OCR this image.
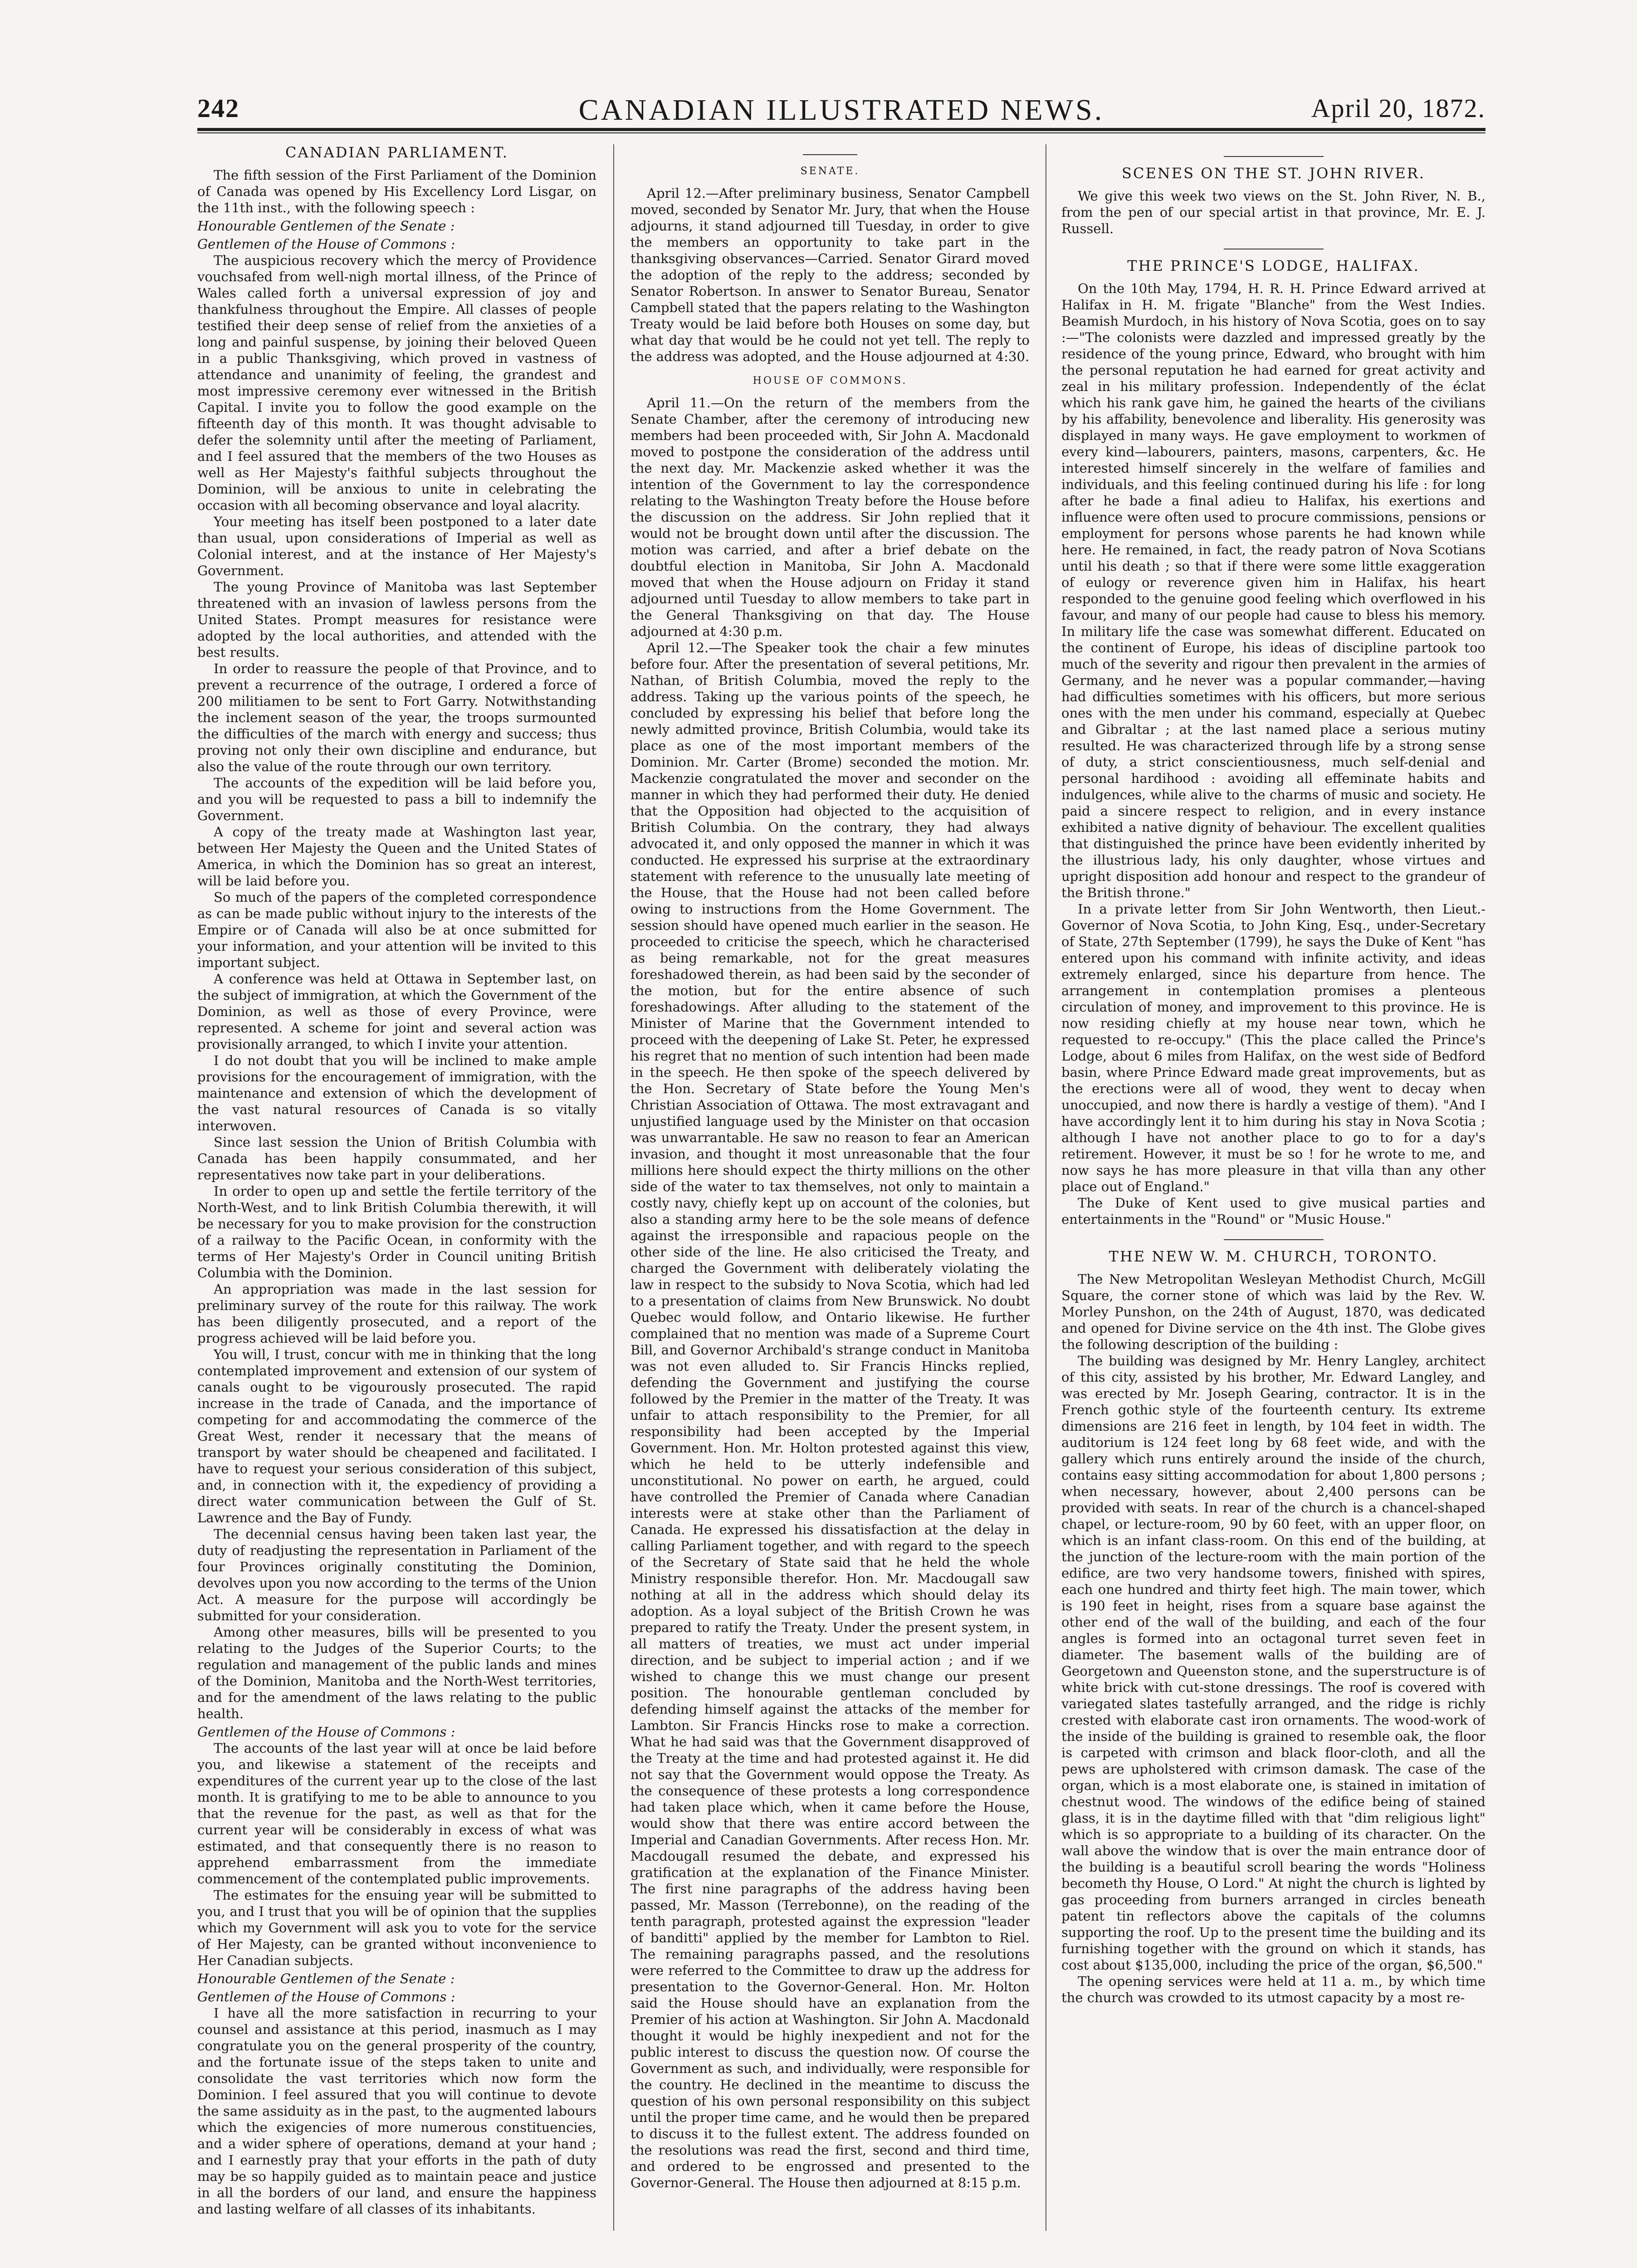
242	CANADIAN ILLUSTRATED NEWS.	April 20, 1872.
CANADIAN PARLIAMENT.

The fifth session of the First Parliament of the Dominion of Canada was opened by His Excellency Lord Lisgar, on the 11th inst., with the following speech :

Honourable Gentlemen of the Senate :

Gentlemen of the House of Commons :

The auspicious recovery which the mercy of Providence vouchsafed from well-nigh mortal illness, of the Prince of Wales called forth a universal expression of joy and thankfulness throughout the Empire. All classes of people testified their deep sense of relief from the anxieties of a long and painful suspense, by joining their beloved Queen in a public Thanksgiving, which proved in vastness of attendance and unanimity of feeling, the grandest and most impressive ceremony ever witnessed in the British Capital. I invite you to follow the good example on the fifteenth day of this month. It was thought advisable to defer the solemnity until after the meeting of Parliament, and I feel assured that the members of the two Houses as well as Her Majesty's faithful subjects throughout the Dominion, will be anxious to unite in celebrating the occasion with all becoming observance and loyal alacrity.

Your meeting has itself been postponed to a later date than usual, upon considerations of Imperial as well as Colonial interest, and at the instance of Her Majesty's Government.

The young Province of Manitoba was last September threatened with an invasion of lawless persons from the United States. Prompt measures for resistance were adopted by the local authorities, and attended with the best results.

In order to reassure the people of that Province, and to prevent a recurrence of the outrage, I ordered a force of 200 militiamen to be sent to Fort Garry. Notwithstanding the inclement season of the year, the troops surmounted the difficulties of the march with energy and success; thus proving not only their own discipline and endurance, but also the value of the route through our own territory.

The accounts of the expedition will be laid before you, and you will be requested to pass a bill to indemnify the Government.

A copy of the treaty made at Washington last year, between Her Majesty the Queen and the United States of America, in which the Dominion has so great an interest, will be laid before you.

So much of the papers of the completed correspondence as can be made public without injury to the interests of the Empire or of Canada will also be at once submitted for your information, and your attention will be invited to this important subject.

A conference was held at Ottawa in September last, on the subject of immigration, at which the Government of the Dominion, as well as those of every Province, were represented. A scheme for joint and several action was provisionally arranged, to which I invite your attention.

I do not doubt that you will be inclined to make ample provisions for the encouragement of immigration, with the maintenance and extension of which the development of the vast natural resources of Canada is so vitally interwoven.

Since last session the Union of British Columbia with Canada has been happily consummated, and her representatives now take part in your deliberations.

In order to open up and settle the fertile territory of the North-West, and to link British Columbia therewith, it will be necessary for you to make provision for the construction of a railway to the Pacific Ocean, in conformity with the terms of Her Majesty's Order in Council uniting British Columbia with the Dominion.

An appropriation was made in the last session for preliminary survey of the route for this railway. The work has been diligently prosecuted, and a report of the progress achieved will be laid before you.

You will, I trust, concur with me in thinking that the long contemplated improvement and extension of our system of canals ought to be vigourously prosecuted. The rapid increase in the trade of Canada, and the importance of competing for and accommodating the commerce of the Great West, render it necessary that the means of transport by water should be cheapened and facilitated. I have to request your serious consideration of this subject, and, in connection with it, the expediency of providing a direct water communication between the Gulf of St. Lawrence and the Bay of Fundy.

The decennial census having been taken last year, the duty of readjusting the representation in Parliament of the four Provinces originally constituting the Dominion, devolves upon you now according to the terms of the Union Act. A measure for the purpose will accordingly be submitted for your consideration.

Among other measures, bills will be presented to you relating to the Judges of the Superior Courts; to the regulation and management of the public lands and mines of the Dominion, Manitoba and the North-West territories, and for the amendment of the laws relating to the public health.

Gentlemen of the House of Commons :

The accounts of the last year will at once be laid before you, and likewise a statement of the receipts and expenditures of the current year up to the close of the last month. It is gratifying to me to be able to announce to you that the revenue for the past, as well as that for the current year will be considerably in excess of what was estimated, and that consequently there is no reason to apprehend embarrassment from the immediate commencement of the contemplated public improvements.

The estimates for the ensuing year will be submitted to you, and I trust that you will be of opinion that the supplies which my Government will ask you to vote for the service of Her Majesty, can be granted without inconvenience to Her Canadian subjects.

Honourable Gentlemen of the Senate :

Gentlemen of the House of Commons :

I have all the more satisfaction in recurring to your counsel and assistance at this period, inasmuch as I may congratulate you on the general prosperity of the country, and the fortunate issue of the steps taken to unite and consolidate the vast territories which now form the Dominion. I feel assured that you will continue to devote the same assiduity as in the past, to the augmented labours which the exigencies of more numerous constituencies, and a wider sphere of operations, demand at your hand ; and I earnestly pray that your efforts in the path of duty may be so happily guided as to maintain peace and justice in all the borders of our land, and ensure the happiness and lasting welfare of all classes of its inhabitants.

SENATE.

April 12.—After preliminary business, Senator Campbell moved, seconded by Senator Mr. Jury, that when the House adjourns, it stand adjourned till Tuesday, in order to give the members an opportunity to take part in the thanksgiving observances—Carried. Senator Girard moved the adoption of the reply to the address; seconded by Senator Robertson. In answer to Senator Bureau, Senator Campbell stated that the papers relating to the Washington Treaty would be laid before both Houses on some day, but what day that would be he could not yet tell. The reply to the address was adopted, and the House adjourned at 4:30.

HOUSE OF COMMONS.

April 11.—On the return of the members from the Senate Chamber, after the ceremony of introducing new members had been proceeded with, Sir John A. Macdonald moved to postpone the consideration of the address until the next day. Mr. Mackenzie asked whether it was the intention of the Government to lay the correspondence relating to the Washington Treaty before the House before the discussion on the address. Sir John replied that it would not be brought down until after the discussion. The motion was carried, and after a brief debate on the doubtful election in Manitoba, Sir John A. Macdonald moved that when the House adjourn on Friday it stand adjourned until Tuesday to allow members to take part in the General Thanksgiving on that day. The House adjourned at 4:30 p.m.

April 12.—The Speaker took the chair a few minutes before four. After the presentation of several petitions, Mr. Nathan, of British Columbia, moved the reply to the address. Taking up the various points of the speech, he concluded by expressing his belief that before long the newly admitted province, British Columbia, would take its place as one of the most important members of the Dominion. Mr. Carter (Brome) seconded the motion. Mr. Mackenzie congratulated the mover and seconder on the manner in which they had performed their duty. He denied that the Opposition had objected to the acquisition of British Columbia. On the contrary, they had always advocated it, and only opposed the manner in which it was conducted. He expressed his surprise at the extraordinary statement with reference to the unusually late meeting of the House, that the House had not been called before owing to instructions from the Home Government. The session should have opened much earlier in the season. He proceeded to criticise the speech, which he characterised as being remarkable, not for the great measures foreshadowed therein, as had been said by the seconder of the motion, but for the entire absence of such foreshadowings. After alluding to the statement of the Minister of Marine that the Government intended to proceed with the deepening of Lake St. Peter, he expressed his regret that no mention of such intention had been made in the speech. He then spoke of the speech delivered by the Hon. Secretary of State before the Young Men's Christian Association of Ottawa. The most extravagant and unjustified language used by the Minister on that occasion was unwarrantable. He saw no reason to fear an American invasion, and thought it most unreasonable that the four millions here should expect the thirty millions on the other side of the water to tax themselves, not only to maintain a costly navy, chiefly kept up on account of the colonies, but also a standing army here to be the sole means of defence against the irresponsible and rapacious people on the other side of the line. He also criticised the Treaty, and charged the Government with deliberately violating the law in respect to the subsidy to Nova Scotia, which had led to a presentation of claims from New Brunswick. No doubt Quebec would follow, and Ontario likewise. He further complained that no mention was made of a Supreme Court Bill, and Governor Archibald's strange conduct in Manitoba was not even alluded to. Sir Francis Hincks replied, defending the Government and justifying the course followed by the Premier in the matter of the Treaty. It was unfair to attach responsibility to the Premier, for all responsibility had been accepted by the Imperial Government. Hon. Mr. Holton protested against this view, which he held to be utterly indefensible and unconstitutional. No power on earth, he argued, could have controlled the Premier of Canada where Canadian interests were at stake other than the Parliament of Canada. He expressed his dissatisfaction at the delay in calling Parliament together, and with regard to the speech of the Secretary of State said that he held the whole Ministry responsible therefor. Hon. Mr. Macdougall saw nothing at all in the address which should delay its adoption. As a loyal subject of the British Crown he was prepared to ratify the Treaty. Under the present system, in all matters of treaties, we must act under imperial direction, and be subject to imperial action ; and if we wished to change this we must change our present position. The honourable gentleman concluded by defending himself against the attacks of the member for Lambton. Sir Francis Hincks rose to make a correction. What he had said was that the Government disapproved of the Treaty at the time and had protested against it. He did not say that the Government would oppose the Treaty. As the consequence of these protests a long correspondence had taken place which, when it came before the House, would show that there was entire accord between the Imperial and Canadian Governments. After recess Hon. Mr. Macdougall resumed the debate, and expressed his gratification at the explanation of the Finance Minister. The first nine paragraphs of the address having been passed, Mr. Masson (Terrebonne), on the reading of the tenth paragraph, protested against the expression "leader of banditti" applied by the member for Lambton to Riel. The remaining paragraphs passed, and the resolutions were referred to the Committee to draw up the address for presentation to the Governor-General. Hon. Mr. Holton said the House should have an explanation from the Premier of his action at Washington. Sir John A. Macdonald thought it would be highly inexpedient and not for the public interest to discuss the question now. Of course the Government as such, and individually, were responsible for the country. He declined in the meantime to discuss the question of his own personal responsibility on this subject until the proper time came, and he would then be prepared to discuss it to the fullest extent. The address founded on the resolutions was read the first, second and third time, and ordered to be engrossed and presented to the Governor-General. The House then adjourned at 8:15 p.m.

SCENES ON THE ST. JOHN RIVER.

We give this week two views on the St. John River, N. B., from the pen of our special artist in that province, Mr. E. J. Russell.

THE PRINCE'S LODGE, HALIFAX.

On the 10th May, 1794, H. R. H. Prince Edward arrived at Halifax in H. M. frigate "Blanche" from the West Indies. Beamish Murdoch, in his history of Nova Scotia, goes on to say :—"The colonists were dazzled and impressed greatly by the residence of the young prince, Edward, who brought with him the personal reputation he had earned for great activity and zeal in his military profession. Independently of the éclat which his rank gave him, he gained the hearts of the civilians by his affability, benevolence and liberality. His generosity was displayed in many ways. He gave employment to workmen of every kind—labourers, painters, masons, carpenters, &c. He interested himself sincerely in the welfare of families and individuals, and this feeling continued during his life : for long after he bade a final adieu to Halifax, his exertions and influence were often used to procure commissions, pensions or employment for persons whose parents he had known while here. He remained, in fact, the ready patron of Nova Scotians until his death ; so that if there were some little exaggeration of eulogy or reverence given him in Halifax, his heart responded to the genuine good feeling which overflowed in his favour, and many of our people had cause to bless his memory. In military life the case was somewhat different. Educated on the continent of Europe, his ideas of discipline partook too much of the severity and rigour then prevalent in the armies of Germany, and he never was a popular commander,—having had difficulties sometimes with his officers, but more serious ones with the men under his command, especially at Quebec and Gibraltar ; at the last named place a serious mutiny resulted. He was characterized through life by a strong sense of duty, a strict conscientiousness, much self-denial and personal hardihood : avoiding all effeminate habits and indulgences, while alive to the charms of music and society. He paid a sincere respect to religion, and in every instance exhibited a native dignity of behaviour. The excellent qualities that distinguished the prince have been evidently inherited by the illustrious lady, his only daughter, whose virtues and upright disposition add honour and respect to the grandeur of the British throne."

In a private letter from Sir John Wentworth, then Lieut.-Governor of Nova Scotia, to John King, Esq., under-Secretary of State, 27th September (1799), he says the Duke of Kent "has entered upon his command with infinite activity, and ideas extremely enlarged, since his departure from hence. The arrangement in contemplation promises a plenteous circulation of money, and improvement to this province. He is now residing chiefly at my house near town, which he requested to re-occupy." (This the place called the Prince's Lodge, about 6 miles from Halifax, on the west side of Bedford basin, where Prince Edward made great improvements, but as the erections were all of wood, they went to decay when unoccupied, and now there is hardly a vestige of them). "And I have accordingly lent it to him during his stay in Nova Scotia ; although I have not another place to go to for a day's retirement. However, it must be so ! for he wrote to me, and now says he has more pleasure in that villa than any other place out of England."

The Duke of Kent used to give musical parties and entertainments in the "Round" or "Music House."

THE NEW W. M. CHURCH, TORONTO.

The New Metropolitan Wesleyan Methodist Church, McGill Square, the corner stone of which was laid by the Rev. W. Morley Punshon, on the 24th of August, 1870, was dedicated and opened for Divine service on the 4th inst. The Globe gives the following description of the building :

The building was designed by Mr. Henry Langley, architect of this city, assisted by his brother, Mr. Edward Langley, and was erected by Mr. Joseph Gearing, contractor. It is in the French gothic style of the fourteenth century. Its extreme dimensions are 216 feet in length, by 104 feet in width. The auditorium is 124 feet long by 68 feet wide, and with the gallery which runs entirely around the inside of the church, contains easy sitting accommodation for about 1,800 persons ; when necessary, however, about 2,400 persons can be provided with seats. In rear of the church is a chancel-shaped chapel, or lecture-room, 90 by 60 feet, with an upper floor, on which is an infant class-room. On this end of the building, at the junction of the lecture-room with the main portion of the edifice, are two very handsome towers, finished with spires, each one hundred and thirty feet high. The main tower, which is 190 feet in height, rises from a square base against the other end of the wall of the building, and each of the four angles is formed into an octagonal turret seven feet in diameter. The basement walls of the building are of Georgetown and Queenston stone, and the superstructure is of white brick with cut-stone dressings. The roof is covered with variegated slates tastefully arranged, and the ridge is richly crested with elaborate cast iron ornaments. The wood-work of the inside of the building is grained to resemble oak, the floor is carpeted with crimson and black floor-cloth, and all the pews are upholstered with crimson damask. The case of the organ, which is a most elaborate one, is stained in imitation of chestnut wood. The windows of the edifice being of stained glass, it is in the daytime filled with that "dim religious light" which is so appropriate to a building of its character. On the wall above the window that is over the main entrance door of the building is a beautiful scroll bearing the words "Holiness becometh thy House, O Lord." At night the church is lighted by gas proceeding from burners arranged in circles beneath patent tin reflectors above the capitals of the columns supporting the roof. Up to the present time the building and its furnishing together with the ground on which it stands, has cost about $135,000, including the price of the organ, $6,500."

The opening services were held at 11 a. m., by which time the church was crowded to its utmost capacity by a most re-
